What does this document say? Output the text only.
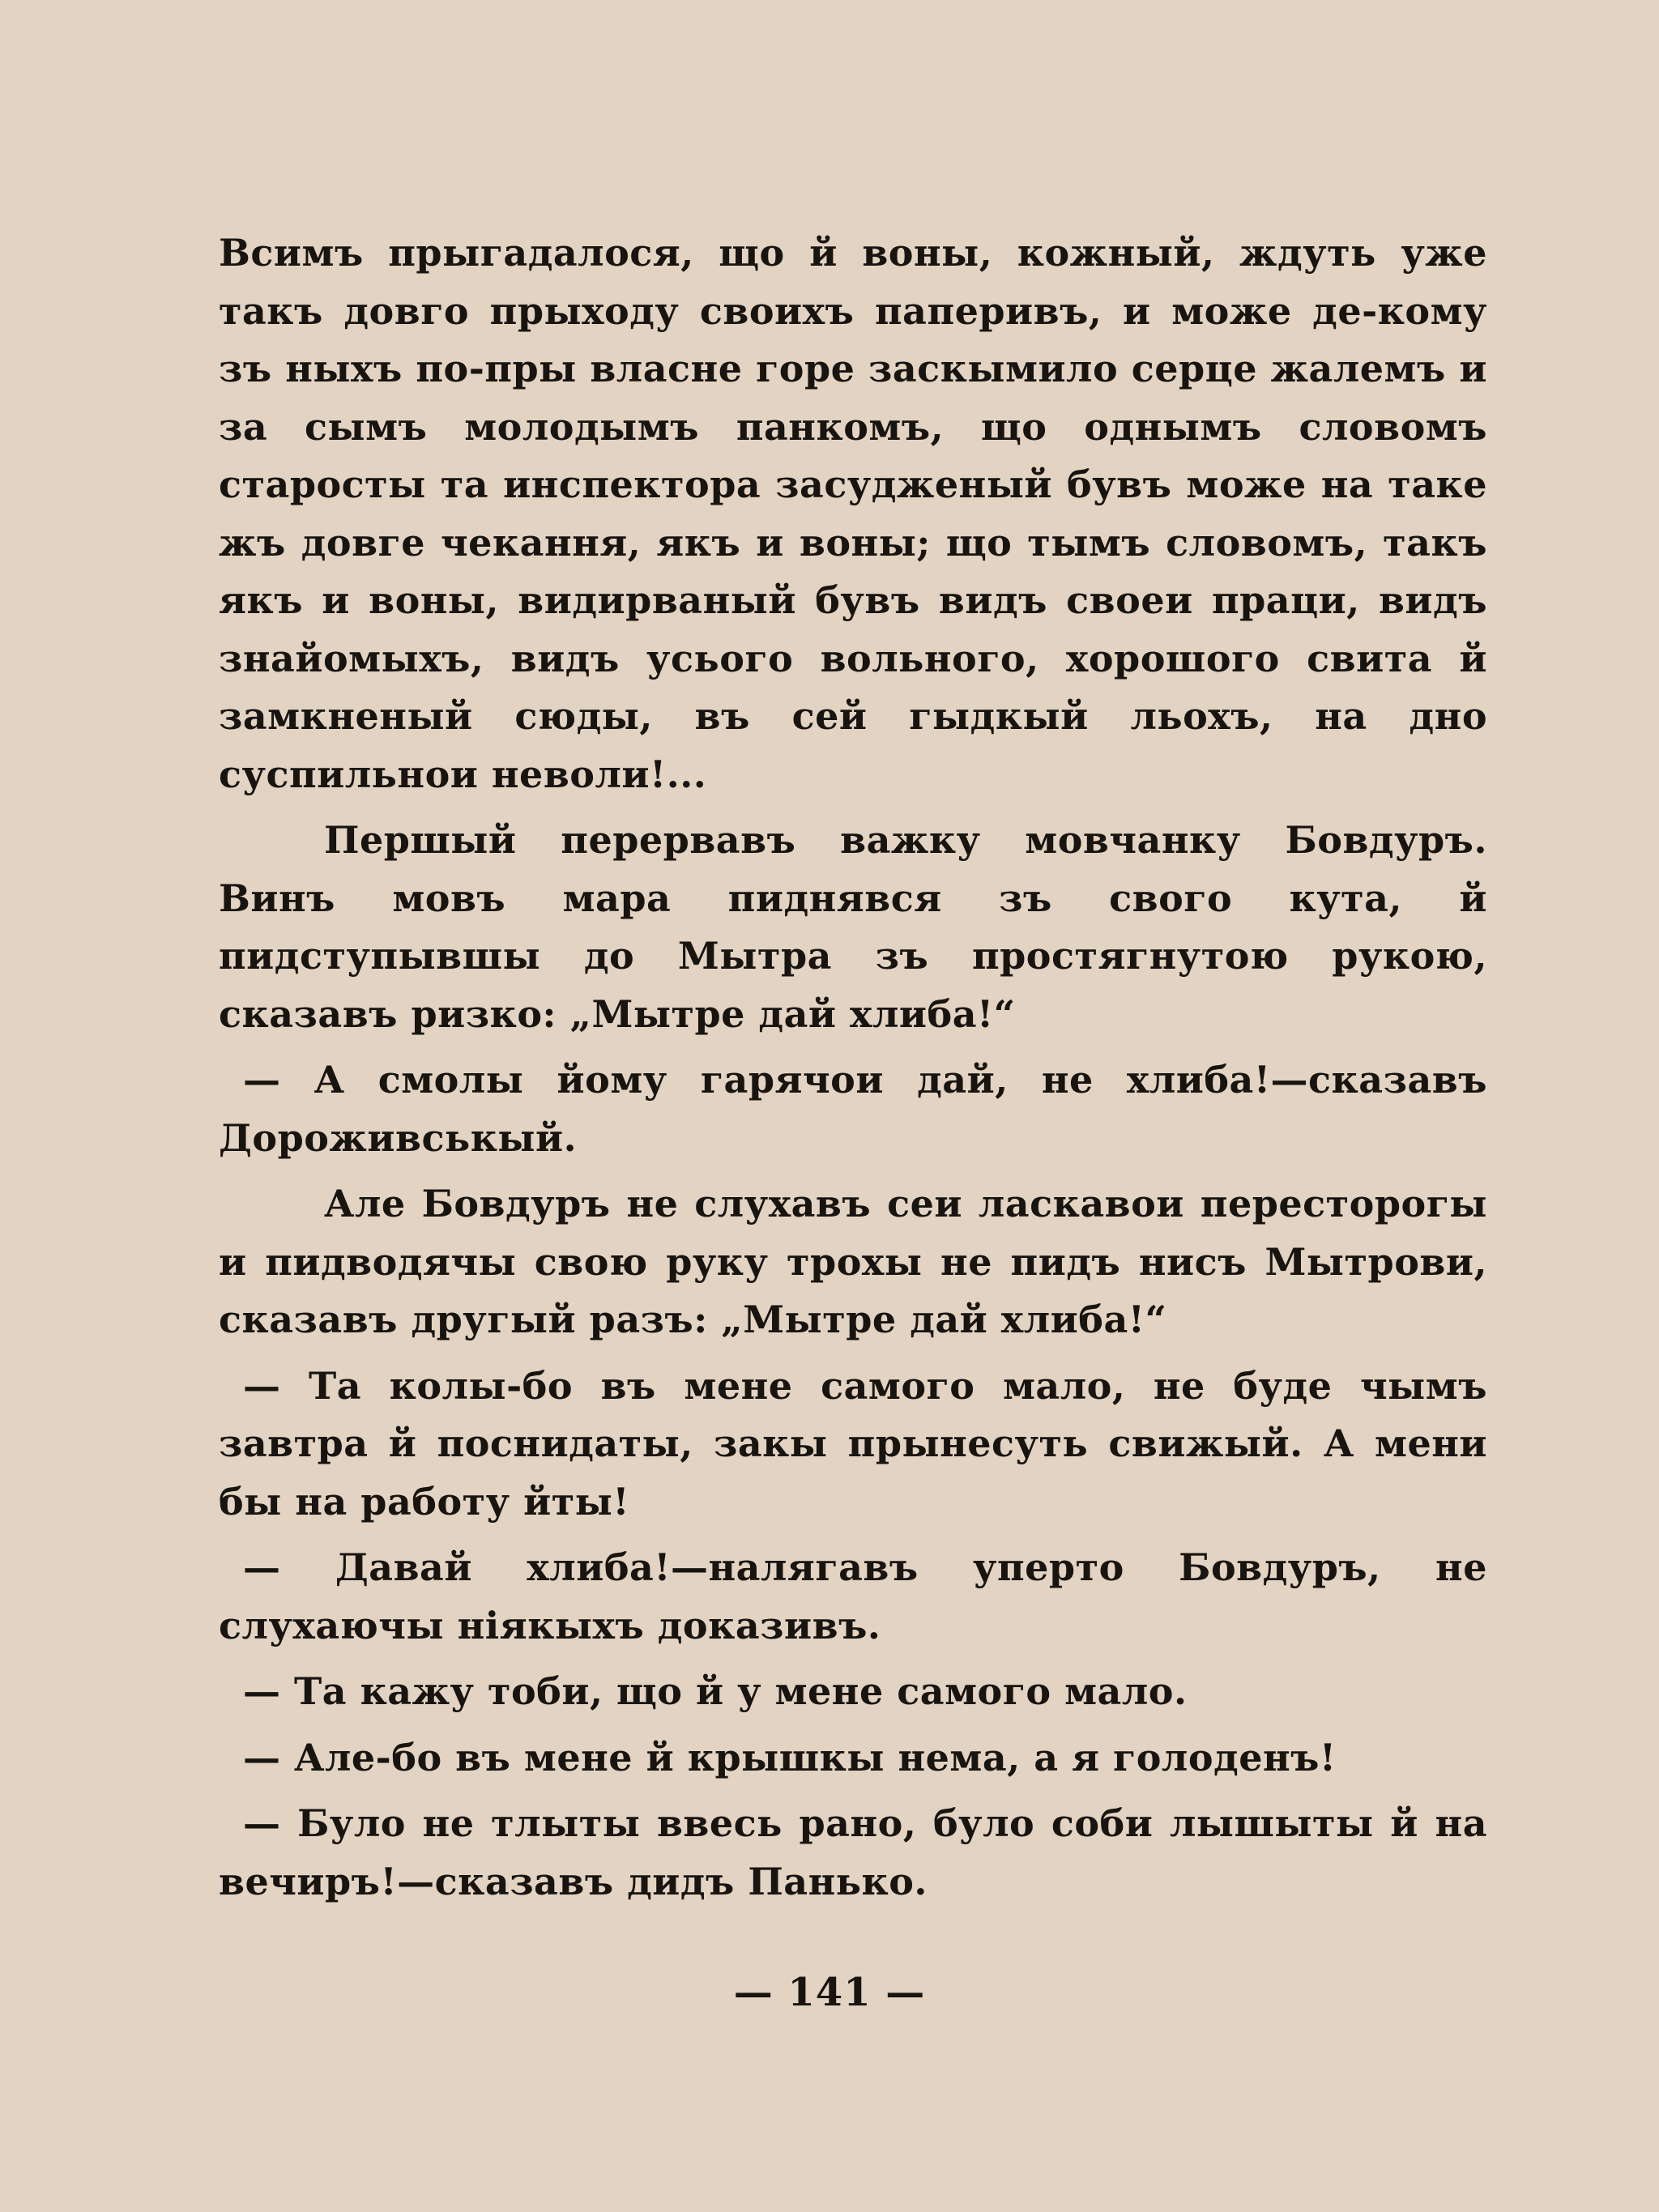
Всимъ прыгадалося, що й воны, кожный, ждуть уже такъ довго прыходу своихъ паперивъ, и може де-кому зъ ныхъ по-пры власне горе заскымило серце жалемъ и за сымъ молодымъ панкомъ, що однымъ словомъ старосты та инспектора засудженый бувъ може на таке жъ довге чекання, якъ и воны; що тымъ словомъ, такъ якъ и воны, видирваный бувъ видъ своеи праци, видъ знайомыхъ, видъ усього вольного, хорошого свита й замкненый сюды, въ сей гыдкый льохъ, на дно суспильнои неволи!...

Першый перервавъ важку мовчанку Бовдуръ. Винъ мовъ мара пиднявся зъ свого кута, й пидступывшы до Мытра зъ простягнутою рукою, сказавъ ризко: „Мытре дай хлиба!“

— А смолы йому гарячои дай, не хлиба!—сказавъ Дороживськый.

Але Бовдуръ не слухавъ сеи ласкавои пересторогы и пидводячы свою руку трохы не пидъ нисъ Мытрови, сказавъ другый разъ: „Мытре дай хлиба!“

— Та колы-бо въ мене самого мало, не буде чымъ завтра й поснидаты, закы прынесуть свижый. А мени бы на работу йты!

— Давай хлиба!—налягавъ уперто Бовдуръ, не слухаючы ніякыхъ доказивъ.

— Та кажу тоби, що й у мене самого мало.

— Але-бо въ мене й крышкы нема, а я голоденъ!

— Було не тлыты ввесь рано, було соби лышыты й на вечиръ!—сказавъ дидъ Панько.

— 141 —
